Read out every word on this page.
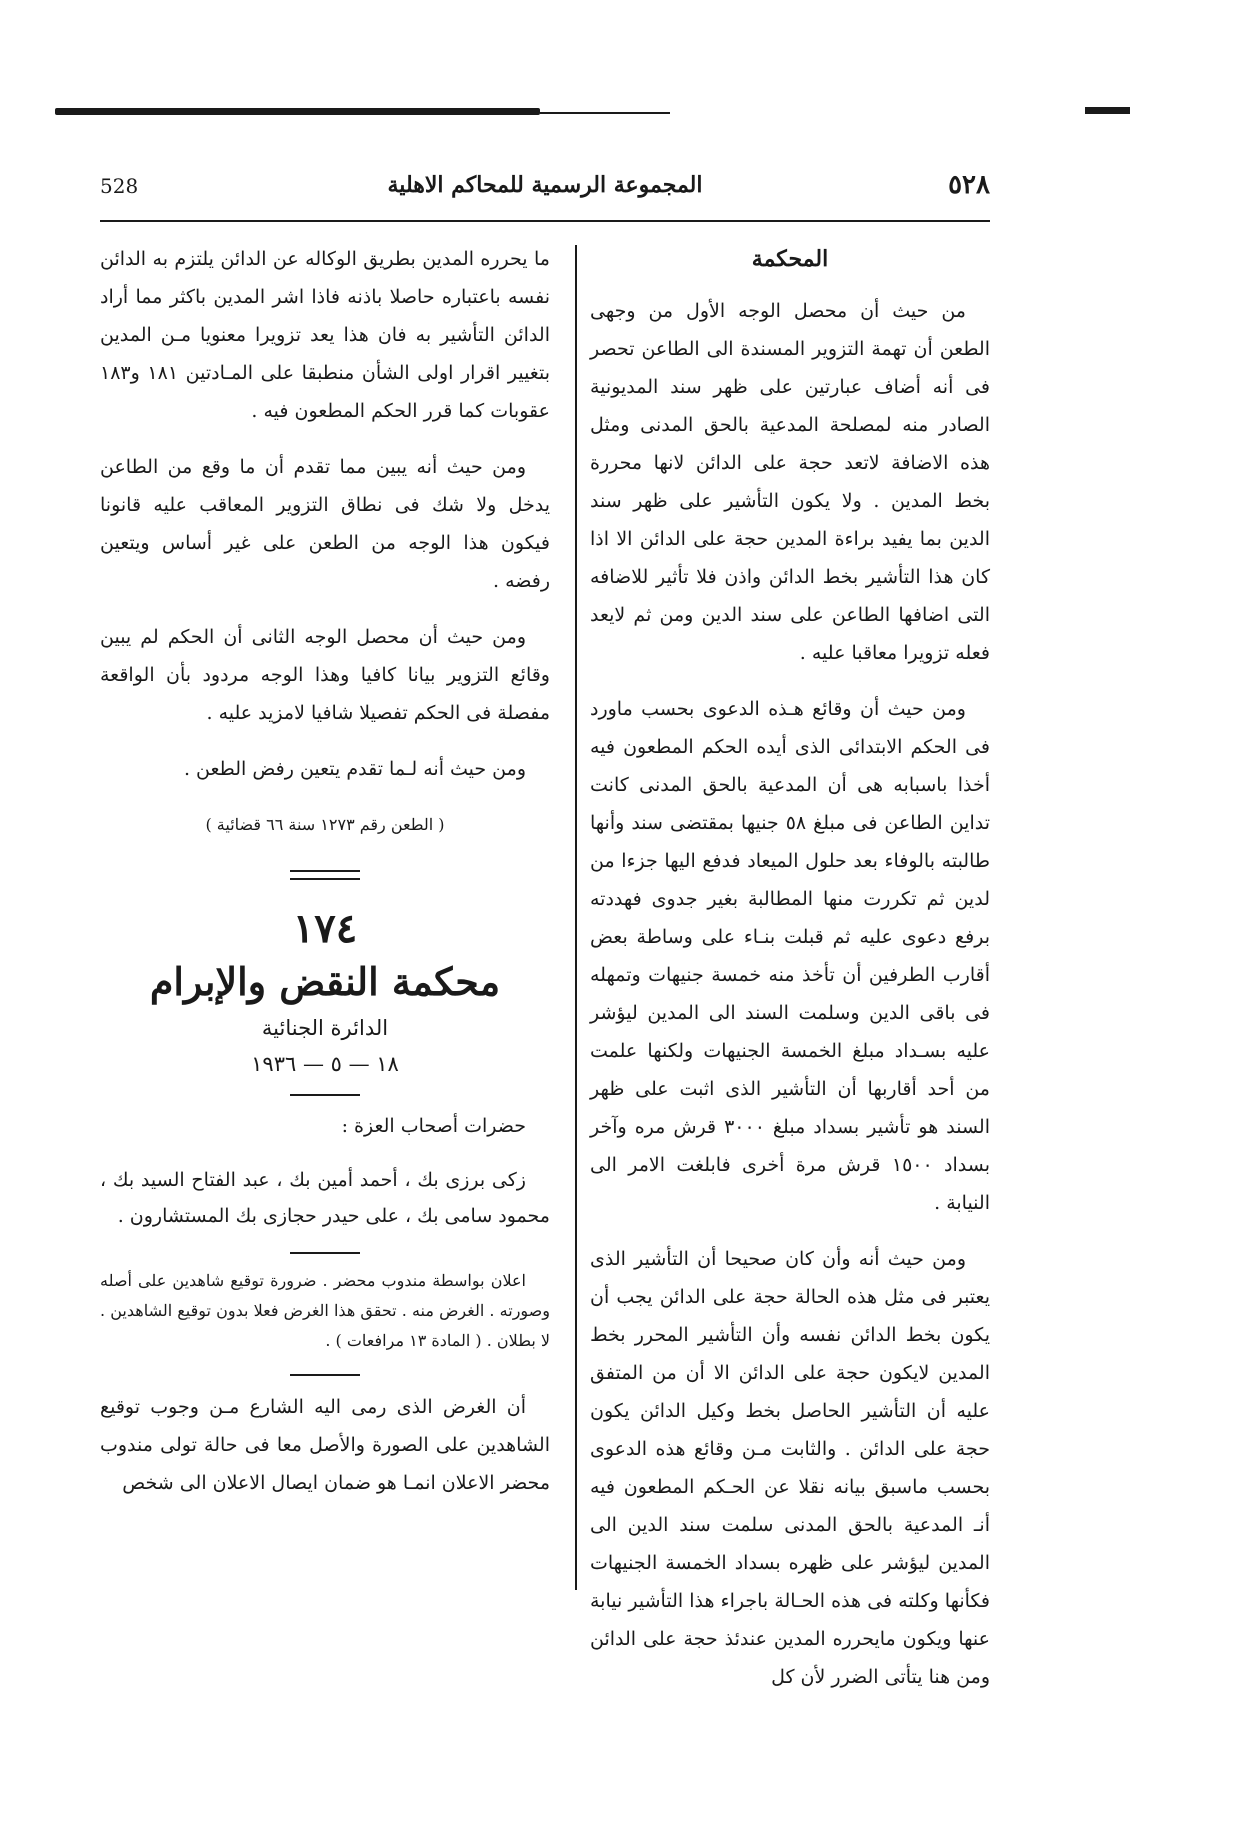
٥٢٨
المجموعة الرسمية للمحاكم الاهلية
528
المحكمة

من حيث أن محصل الوجه الأول من وجهى الطعن أن تهمة التزوير المسندة الى الطاعن تحصر فى أنه أضاف عبارتين على ظهر سند المديونية الصادر منه لمصلحة المدعية بالحق المدنى ومثل هذه الاضافة لاتعد حجة على الدائن لانها محررة بخط المدين . ولا يكون التأشير على ظهر سند الدين بما يفيد براءة المدين حجة على الدائن الا اذا كان هذا التأشير بخط الدائن واذن فلا تأثير للاضافه التى اضافها الطاعن على سند الدين ومن ثم لايعد فعله تزويرا معاقبا عليه .

ومن حيث أن وقائع هـذه الدعوى بحسب ماورد فى الحكم الابتدائى الذى أيده الحكم المطعون فيه أخذا باسبابه هى أن المدعية بالحق المدنى كانت تداين الطاعن فى مبلغ ٥٨ جنيها بمقتضى سند وأنها طالبته بالوفاء بعد حلول الميعاد فدفع اليها جزءا من لدين ثم تكررت منها المطالبة بغير جدوى فهددته برفع دعوى عليه ثم قبلت بنـاء على وساطة بعض أقارب الطرفين أن تأخذ منه خمسة جنيهات وتمهله فى باقى الدين وسلمت السند الى المدين ليؤشر عليه بسـداد مبلغ الخمسة الجنيهات ولكنها علمت من أحد أقاربها أن التأشير الذى اثبت على ظهر السند هو تأشير بسداد مبلغ ٣٠٠٠ قرش مره وآخر بسداد ١٥٠٠ قرش مرة أخرى فابلغت الامر الى النيابة .

ومن حيث أنه وأن كان صحيحا أن التأشير الذى يعتبر فى مثل هذه الحالة حجة على الدائن يجب أن يكون بخط الدائن نفسه وأن التأشير المحرر بخط المدين لايكون حجة على الدائن الا أن من المتفق عليه أن التأشير الحاصل بخط وكيل الدائن يكون حجة على الدائن . والثابت مـن وقائع هذه الدعوى بحسب ماسبق بيانه نقلا عن الحـكم المطعون فيه أنـ المدعية بالحق المدنى سلمت سند الدين الى المدين ليؤشر على ظهره بسداد الخمسة الجنيهات فكأنها وكلته فى هذه الحـالة باجراء هذا التأشير نيابة عنها ويكون مايحرره المدين عندئذ حجة على الدائن ومن هنا يتأتى الضرر لأن كل

ما يحرره المدين بطريق الوكاله عن الدائن يلتزم به الدائن نفسه باعتباره حاصلا باذنه فاذا اشر المدين باكثر مما أراد الدائن التأشير به فان هذا يعد تزويرا معنويا مـن المدين بتغيير اقرار اولى الشأن منطبقا على المـادتين ١٨١ و١٨٣ عقوبات كما قرر الحكم المطعون فيه .

ومن حيث أنه يبين مما تقدم أن ما وقع من الطاعن يدخل ولا شك فى نطاق التزوير المعاقب عليه قانونا فيكون هذا الوجه من الطعن على غير أساس ويتعين رفضه .

ومن حيث أن محصل الوجه الثانى أن الحكم لم يبين وقائع التزوير بيانا كافيا وهذا الوجه مردود بأن الواقعة مفصلة فى الحكم تفصيلا شافيا لامزيد عليه .

ومن حيث أنه لـما تقدم يتعين رفض الطعن .

( الطعن رقم ١٢٧٣ سنة ٦٦ قضائية )
١٧٤
محكمة النقض والإبرام
الدائرة الجنائية
١٨ — ٥ — ١٩٣٦

حضرات أصحاب العزة :

زكى برزى بك ، أحمد أمين بك ، عبد الفتاح السيد بك ، محمود سامى بك ، على حيدر حجازى بك المستشارون .

اعلان بواسطة مندوب محضر . ضرورة توقيع شاهدين على أصله وصورته . الغرض منه . تحقق هذا الغرض فعلا بدون توقيع الشاهدين . لا بطلان . ( المادة ١٣ مرافعات ) .

أن الغرض الذى رمى اليه الشارع مـن وجوب توقيع الشاهدين على الصورة والأصل معا فى حالة تولى مندوب محضر الاعلان انمـا هو ضمان ايصال الاعلان الى شخص
